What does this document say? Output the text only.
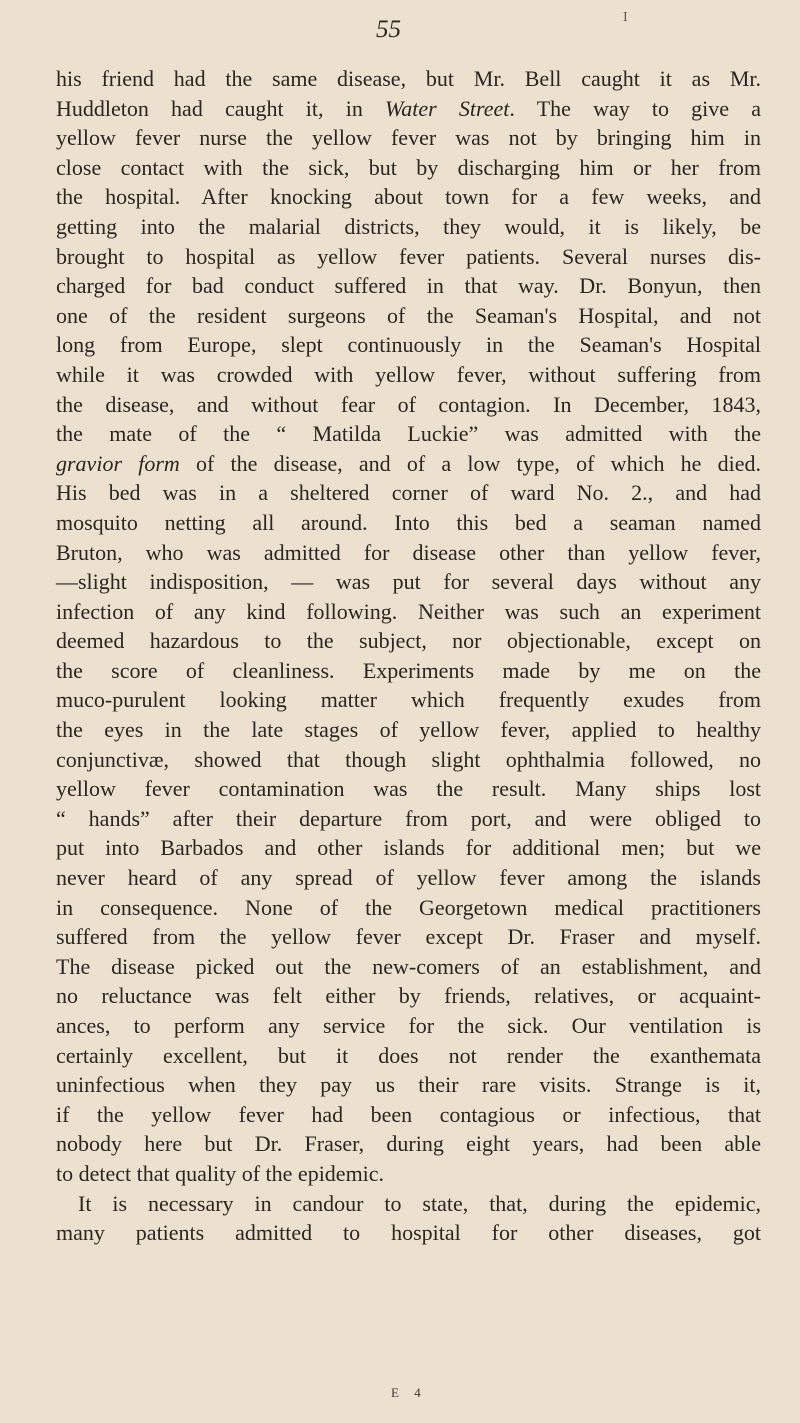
I
55
his friend had the same disease, but Mr. Bell caught it as Mr.
Huddleton had caught it, in Water Street. The way to give a
yellow fever nurse the yellow fever was not by bringing him in
close contact with the sick, but by discharging him or her from
the hospital. After knocking about town for a few weeks, and
getting into the malarial districts, they would, it is likely, be
brought to hospital as yellow fever patients. Several nurses dis-
charged for bad conduct suffered in that way. Dr. Bonyun, then
one of the resident surgeons of the Seaman's Hospital, and not
long from Europe, slept continuously in the Seaman's Hospital
while it was crowded with yellow fever, without suffering from
the disease, and without fear of contagion. In December, 1843,
the mate of the “ Matilda Luckie” was admitted with the
gravior form of the disease, and of a low type, of which he died.
His bed was in a sheltered corner of ward No. 2., and had
mosquito netting all around. Into this bed a seaman named
Bruton, who was admitted for disease other than yellow fever,
—slight indisposition, — was put for several days without any
infection of any kind following. Neither was such an experiment
deemed hazardous to the subject, nor objectionable, except on
the score of cleanliness. Experiments made by me on the
muco-purulent looking matter which frequently exudes from
the eyes in the late stages of yellow fever, applied to healthy
conjunctivæ, showed that though slight ophthalmia followed, no
yellow fever contamination was the result. Many ships lost
“ hands” after their departure from port, and were obliged to
put into Barbados and other islands for additional men; but we
never heard of any spread of yellow fever among the islands
in consequence. None of the Georgetown medical practitioners
suffered from the yellow fever except Dr. Fraser and myself.
The disease picked out the new-comers of an establishment, and
no reluctance was felt either by friends, relatives, or acquaint-
ances, to perform any service for the sick. Our ventilation is
certainly excellent, but it does not render the exanthemata
uninfectious when they pay us their rare visits. Strange is it,
if the yellow fever had been contagious or infectious, that
nobody here but Dr. Fraser, during eight years, had been able
to detect that quality of the epidemic.
It is necessary in candour to state, that, during the epidemic,
many patients admitted to hospital for other diseases, got
E 4
